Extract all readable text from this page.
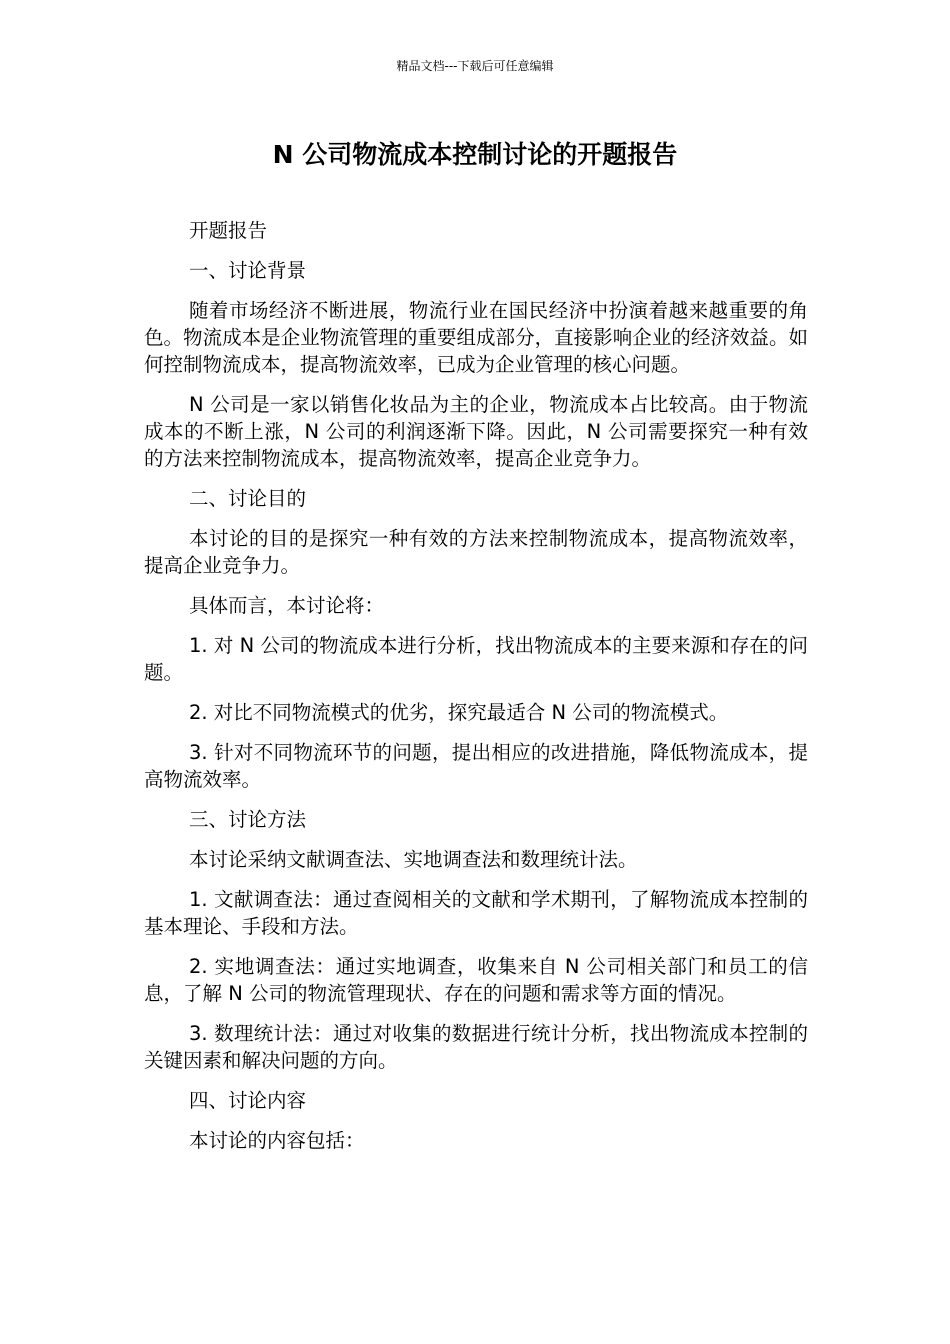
精品文档---下载后可任意编辑
N 公司物流成本控制讨论的开题报告

开题报告

一、讨论背景

随着市场经济不断进展，物流行业在国民经济中扮演着越来越重要的角色。物流成本是企业物流管理的重要组成部分，直接影响企业的经济效益。如何控制物流成本，提高物流效率，已成为企业管理的核心问题。

N 公司是一家以销售化妆品为主的企业，物流成本占比较高。由于物流成本的不断上涨，N 公司的利润逐渐下降。因此，N 公司需要探究一种有效的方法来控制物流成本，提高物流效率，提高企业竞争力。

二、讨论目的

本讨论的目的是探究一种有效的方法来控制物流成本，提高物流效率，提高企业竞争力。

具体而言，本讨论将：

1. 对 N 公司的物流成本进行分析，找出物流成本的主要来源和存在的问题。

2. 对比不同物流模式的优劣，探究最适合 N 公司的物流模式。

3. 针对不同物流环节的问题，提出相应的改进措施，降低物流成本，提高物流效率。

三、讨论方法

本讨论采纳文献调查法、实地调查法和数理统计法。

1. 文献调查法：通过查阅相关的文献和学术期刊，了解物流成本控制的基本理论、手段和方法。

2. 实地调查法：通过实地调查，收集来自 N 公司相关部门和员工的信息，了解 N 公司的物流管理现状、存在的问题和需求等方面的情况。

3. 数理统计法：通过对收集的数据进行统计分析，找出物流成本控制的关键因素和解决问题的方向。

四、讨论内容

本讨论的内容包括：
